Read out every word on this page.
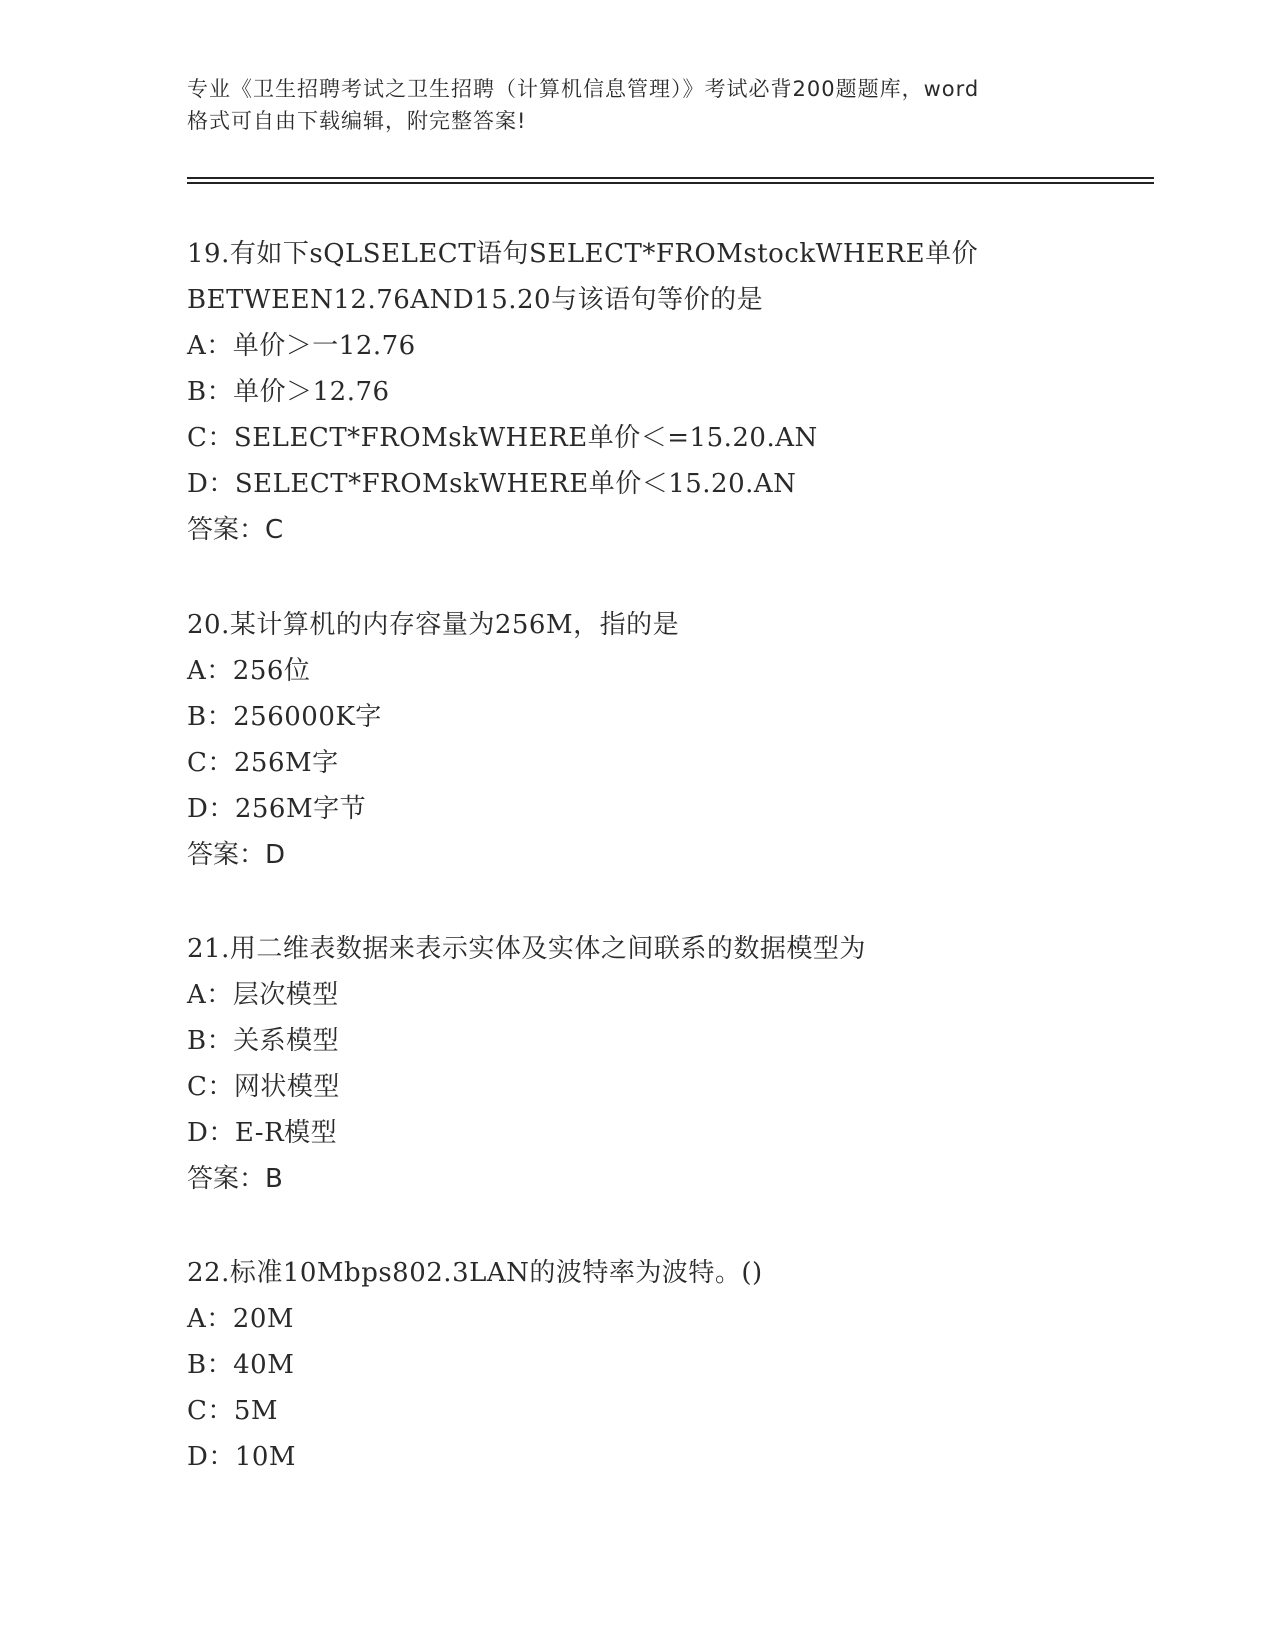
专业《卫生招聘考试之卫生招聘（计算机信息管理）》考试必背200题题库，word
格式可自由下载编辑，附完整答案!
19.有如下sQLSELECT语句SELECT*FROMstockWHERE单价
BETWEEN12.76AND15.20与该语句等价的是
A：单价＞一12.76
B：单价＞12.76
C：SELECT*FROMskWHERE单价＜=15.20.AN
D：SELECT*FROMskWHERE单价＜15.20.AN
答案：C
20.某计算机的内存容量为256M，指的是
A：256位
B：256000K字
C：256M字
D：256M字节
答案：D
21.用二维表数据来表示实体及实体之间联系的数据模型为
A：层次模型
B：关系模型
C：网状模型
D：E-R模型
答案：B
22.标准10Mbps802.3LAN的波特率为波特。()
A：20M
B：40M
C：5M
D：10M
